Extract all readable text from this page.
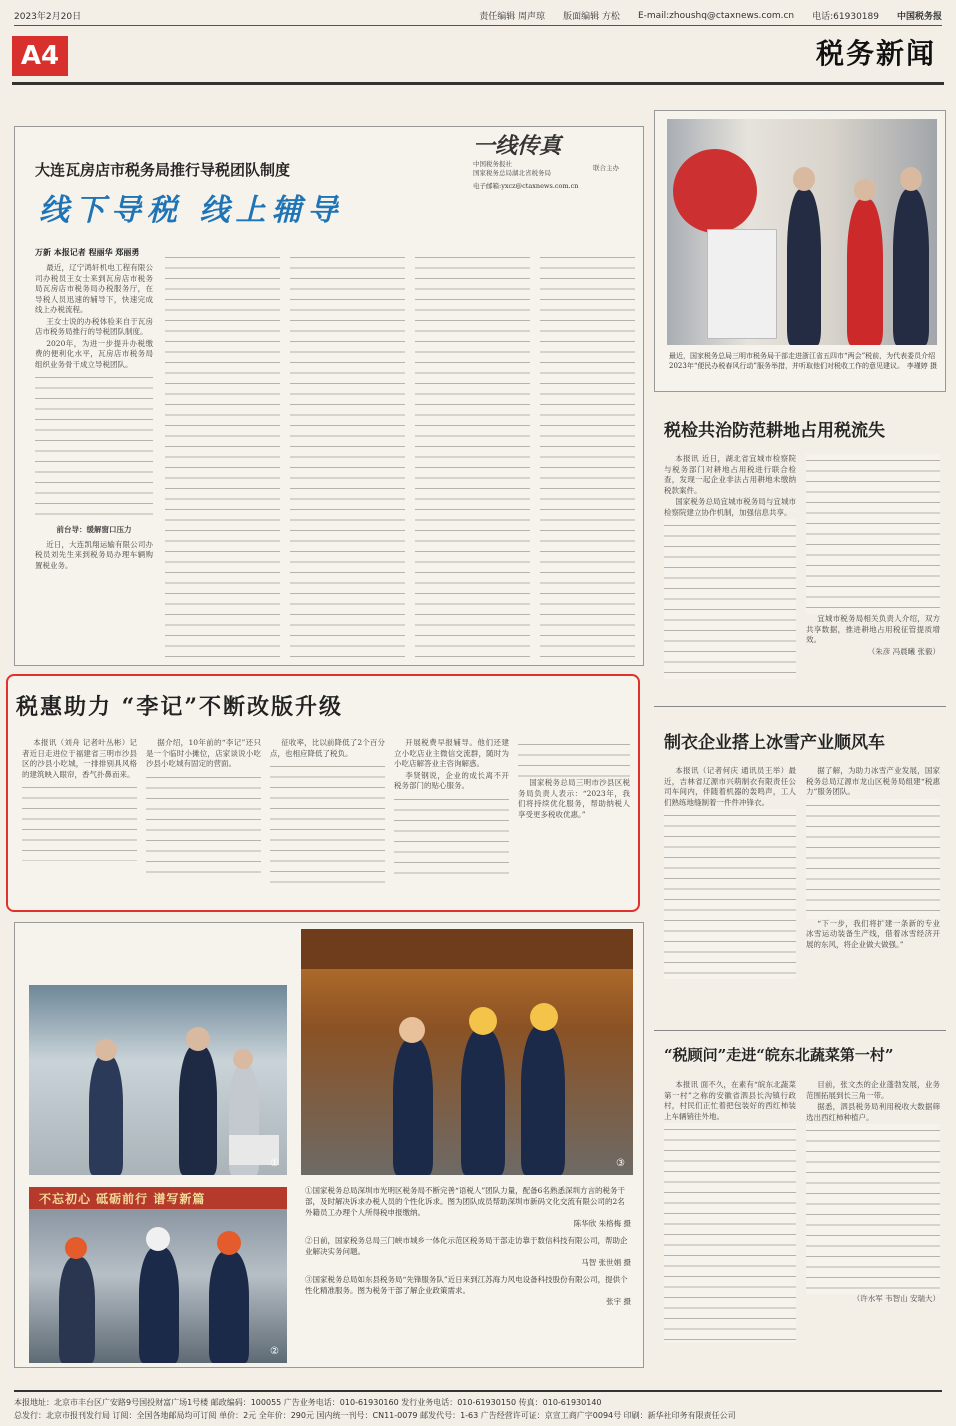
2023年2月20日	责任编辑 周声琼 版面编辑 方松 E-mail:zhoushq@ctaxnews.com.cn 电话:61930189 中国税务报
A4	税务新闻
大连瓦房店市税务局推行导税团队制度
线下导税 线上辅导
一线传真
中国税务报社
国家税务总局湖北省税务局
联合主办
电子邮箱:yxcz@ctaxnews.com.cn
万新 本报记者 程丽华 郑丽勇

最近，辽宁鸿轩机电工程有限公司办税员王女士来到瓦房店市税务局瓦房店市税务局办税服务厅，在导税人员迅速的辅导下，快速完成线上办税流程。

王女士说的办税体验来自于瓦房店市税务局推行的导税团队制度。

2020年，为进一步提升办税缴费的便利化水平，瓦房店市税务局组织业务骨干成立导税团队。

前台导：缓解窗口压力

近日，大连凯翔运输有限公司办税员刘先生来到税务局办理车辆购置税业务。

税惠助力 “李记”不断改版升级

本报讯（刘舟 记者叶丛彬）记者近日走进位于福建省三明市沙县区的沙县小吃城，一排排别具风格的建筑映入眼帘，香气扑鼻而来。

据介绍，10年前的“李记”还只是一个临时小摊位，店家谈说小吃沙县小吃城有固定的营面。

征收率，比以前降低了2个百分点，也相应降低了税负。

开展税费早报辅导。他们还建立小吃店业主微信交流群，随时为小吃店解答业主咨询解惑。

李贤钢说，企业的成长离不开税务部门的贴心服务。	国家税务总局三明市沙县区税务局负责人表示：“2023年，我们将持续优化服务，帮助纳税人享受更多税收优惠。”

①	③
不忘初心 砥砺前行 谱写新篇
②

①国家税务总局深圳市光明区税务局不断完善“语税人”团队力量，配备6名熟悉深圳方言的税务干部，及时解决诉求办税人员的个性化诉求。图为团队成员帮助深圳市新码文化交流有限公司的2名外籍员工办理个人所得税申报缴纳。

陈华欣 朱格梅 摄

②日前，国家税务总局三门峡市城乡一体化示范区税务局干部走访靠于数信科技有限公司，帮助企业解决实务问题。

马智 张世娟 摄

③国家税务总局如东县税务局“先锋服务队”近日来到江苏海力风电设备科技股份有限公司，提供个性化精准服务。图为税务干部了解企业政策需求。

张宇 摄

最近，国家税务总局三明市税务局干部走进浙江省五四市“两会”税前，为代表委员介绍2023年“便民办税春风行动”服务举措，并听取他们对税收工作的意见建议。 李瑾婷 摄
税检共治防范耕地占用税流失

本报讯 近日，湖北省宜城市检察院与税务部门对耕地占用税进行联合检查，发现一起企业非法占用耕地未缴纳税款案件。

国家税务总局宜城市税务局与宜城市检察院建立协作机制，加强信息共享。

宜城市税务局相关负责人介绍，双方共享数据，推进耕地占用税征管提质增效。

（朱彦 冯晨曦 张毅）

制衣企业搭上冰雪产业顺风车

本报讯（记者何庆 通讯员王举）最近，吉林省辽源市兴萌制衣有限责任公司车间内，伴随着机器的轰鸣声，工人们熟练地缝制着一件件冲锋衣。

据了解，为助力冰雪产业发展，国家税务总局辽源市龙山区税务局组建“税惠力”服务团队。

“下一步，我们将扩建一条新的专业冰雪运动装备生产线，借着冰雪经济开展的东风，将企业做大做强。”

“税顾问”走进“皖东北蔬菜第一村”

本报讯 面不久，在素有“皖东北蔬菜第一村”之称的安徽省泗县长沟镇行政村，村民们正忙着把包装好的西红柿装上车辆销往外地。

目前，张文杰的企业蓬勃发展，业务范围拓展到长三角一带。

据悉，泗县税务局利用税收大数据筛选出西红柿种植户。

（许水军 韦智山 安瑞大）

本报地址：北京市丰台区广安路9号国投财富广场1号楼 邮政编码：100055 广告业务电话：010-61930160 发行业务电话：010-61930150 传真：010-61930140
总发行：北京市报刊发行局 订阅：全国各地邮局均可订阅 单价：2元 全年价：290元 国内统一刊号：CN11-0079 邮发代号：1-63 广告经营许可证：京宣工商广字0094号 印刷：新华社印务有限责任公司
